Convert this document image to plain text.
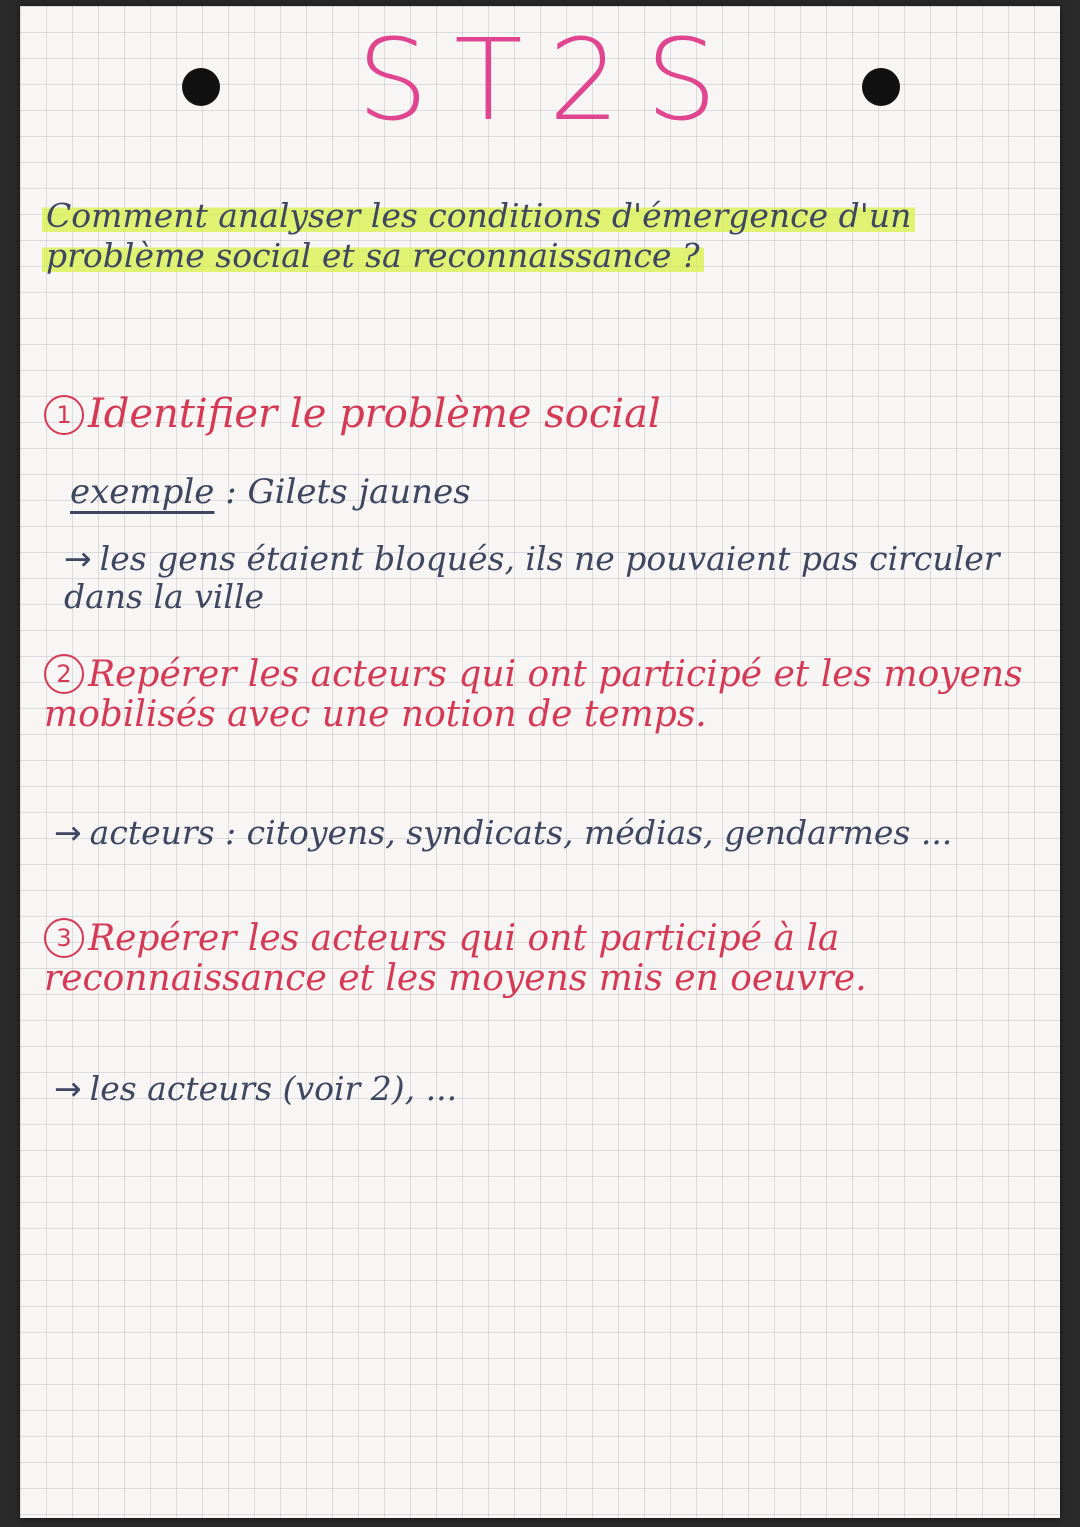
ST2S
Comment analyser les conditions d'émergence d'un problème social et sa reconnaissance ?
1 Identifier le problème social
exemple : Gilets jaunes
→ les gens étaient bloqués, ils ne pouvaient pas circuler dans la ville
2 Repérer les acteurs qui ont participé et les moyens mobilisés avec une notion de temps.
→ acteurs : citoyens, syndicats, médias, gendarmes ...
3 Repérer les acteurs qui ont participé à la reconnaissance et les moyens mis en oeuvre.
→ les acteurs (voir 2), ...
